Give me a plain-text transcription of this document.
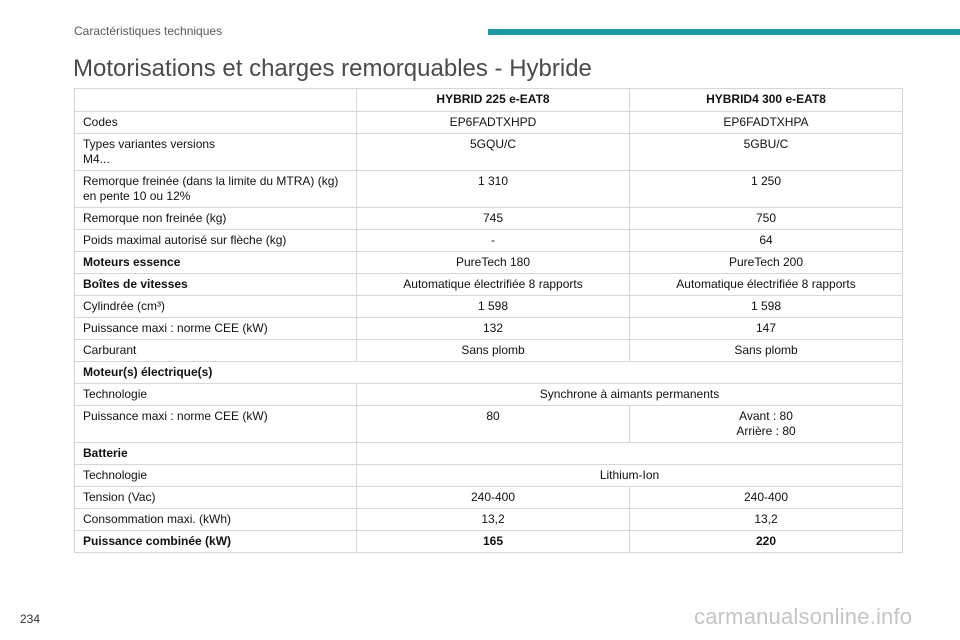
Caractéristiques techniques
Motorisations et charges remorquables - Hybride
	HYBRID 225 e-EAT8	HYBRID4 300 e-EAT8

Codes	EP6FADTXHPD	EP6FADTXHPA

Types variantes versions
M4...	5GQU/C	5GBU/C

Remorque freinée (dans la limite du MTRA) (kg)
en pente 10 ou 12%	1 310	1 250

Remorque non freinée (kg)	745	750

Poids maximal autorisé sur flèche (kg)	-	64

Moteurs essence	PureTech 180	PureTech 200

Boîtes de vitesses	Automatique électrifiée 8 rapports	Automatique électrifiée 8 rapports

Cylindrée (cm³)	1 598	1 598

Puissance maxi : norme CEE (kW)	132	147

Carburant	Sans plomb	Sans plomb

Moteur(s) électrique(s)		

Technologie	Synchrone à aimants permanents	

Puissance maxi : norme CEE (kW)	80	Avant : 80
Arrière : 80

Batterie		

Technologie	Lithium-Ion	

Tension (Vac)	240-400	240-400

Consommation maxi. (kWh)	13,2	13,2

Puissance combinée (kW)	165	220
234	carmanualsonline.info
